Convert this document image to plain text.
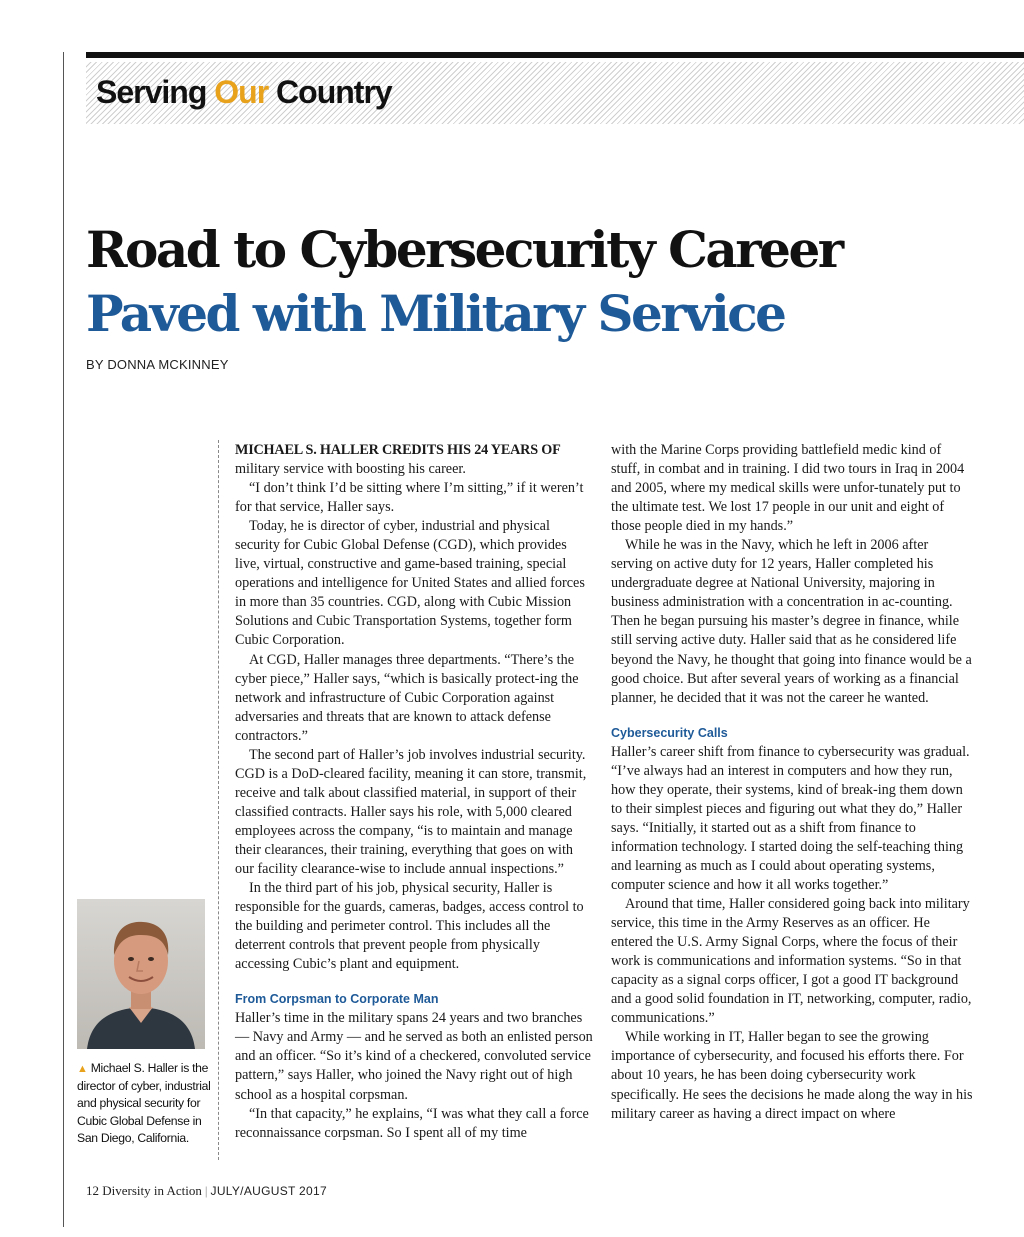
Serving Our Country
Road to Cybersecurity Career
Paved with Military Service
BY DONNA MCKINNEY

MICHAEL S. HALLER CREDITS HIS 24 YEARS OF military service with boosting his career.

“I don’t think I’d be sitting where I’m sitting,” if it weren’t for that service, Haller says.

Today, he is director of cyber, industrial and physical security for Cubic Global Defense (CGD), which provides live, virtual, constructive and game-based training, special operations and intelligence for United States and allied forces in more than 35 countries. CGD, along with Cubic Mission Solutions and Cubic Transportation Systems, together form Cubic Corporation.

At CGD, Haller manages three departments. “There’s the cyber piece,” Haller says, “which is basically protect-ing the network and infrastructure of Cubic Corporation against adversaries and threats that are known to attack defense contractors.”

The second part of Haller’s job involves industrial security. CGD is a DoD-cleared facility, meaning it can store, transmit, receive and talk about classified material, in support of their classified contracts. Haller says his role, with 5,000 cleared employees across the company, “is to maintain and manage their clearances, their training, everything that goes on with our facility clearance-wise to include annual inspections.”

In the third part of his job, physical security, Haller is responsible for the guards, cameras, badges, access control to the building and perimeter control. This includes all the deterrent controls that prevent people from physically accessing Cubic’s plant and equipment.

From Corpsman to Corporate Man

Haller’s time in the military spans 24 years and two branches — Navy and Army — and he served as both an enlisted person and an officer. “So it’s kind of a checkered, convoluted service pattern,” says Haller, who joined the Navy right out of high school as a hospital corpsman.

“In that capacity,” he explains, “I was what they call a force reconnaissance corpsman. So I spent all of my time

with the Marine Corps providing battlefield medic kind of stuff, in combat and in training. I did two tours in Iraq in 2004 and 2005, where my medical skills were unfor-tunately put to the ultimate test. We lost 17 people in our unit and eight of those people died in my hands.”

While he was in the Navy, which he left in 2006 after serving on active duty for 12 years, Haller completed his undergraduate degree at National University, majoring in business administration with a concentration in ac-counting. Then he began pursuing his master’s degree in finance, while still serving active duty. Haller said that as he considered life beyond the Navy, he thought that going into finance would be a good choice. But after several years of working as a financial planner, he decided that it was not the career he wanted.

Cybersecurity Calls

Haller’s career shift from finance to cybersecurity was gradual. “I’ve always had an interest in computers and how they run, how they operate, their systems, kind of break-ing them down to their simplest pieces and figuring out what they do,” Haller says. “Initially, it started out as a shift from finance to information technology. I started doing the self-teaching thing and learning as much as I could about operating systems, computer science and how it all works together.”

Around that time, Haller considered going back into military service, this time in the Army Reserves as an officer. He entered the U.S. Army Signal Corps, where the focus of their work is communications and information systems. “So in that capacity as a signal corps officer, I got a good IT background and a good solid foundation in IT, networking, computer, radio, communications.”

While working in IT, Haller began to see the growing importance of cybersecurity, and focused his efforts there. For about 10 years, he has been doing cybersecurity work specifically. He sees the decisions he made along the way in his military career as having a direct impact on where

▲ Michael S. Haller is the director of cyber, industrial and physical security for Cubic Global Defense in San Diego, California.
12 Diversity in Action | JULY/AUGUST 2017
